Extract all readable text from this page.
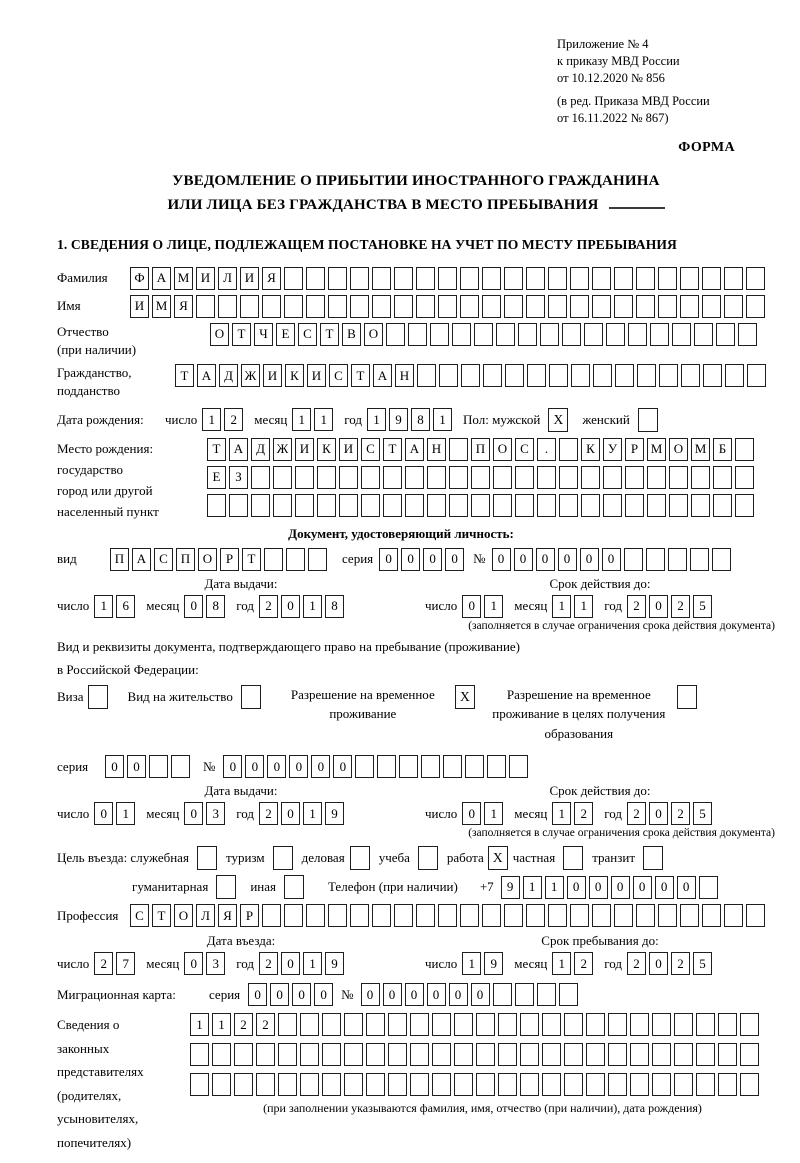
Приложение № 4
к приказу МВД России
от 10.12.2020 № 856
(в ред. Приказа МВД России
от 16.11.2022 № 867)
ФОРМА
УВЕДОМЛЕНИЕ О ПРИБЫТИИ ИНОСТРАННОГО ГРАЖДАНИНА
ИЛИ ЛИЦА БЕЗ ГРАЖДАНСТВА В МЕСТО ПРЕБЫВАНИЯ
1. СВЕДЕНИЯ О ЛИЦЕ, ПОДЛЕЖАЩЕМ ПОСТАНОВКЕ НА УЧЕТ ПО МЕСТУ ПРЕБЫВАНИЯ
Фамилия	Ф А М И Л И Я
Имя	И М Я
Отчество
(при наличии)
О	Т	Ч	Е	С	Т	В О
Гражданство,
подданство
Т	А Д Ж И К И С	Т	А Н
Дата рождения:	число 1	2	месяц 1	1	год 1	9	8	1	Пол: мужской X	женский
Место рождения:
государство
город или другой
населенный пункт
Т	А Д Ж И К И С	Т	А Н	П О С	.	К	У	Р М О М Б
Е	З
Документ, удостоверяющий личность:
вид	П А С П О	Р	Т	серия 0	0	0	0	№ 0	0	0	0	0	0
Дата выдачи:
число 1	6	месяц 0	8	год 2	0	1	8
Срок действия до:
число 0	1	месяц 1	1	год 2	0	2	5
(заполняется в случае ограничения срока действия документа)
Вид и реквизиты документа, подтверждающего право на пребывание (проживание)
в Российской Федерации:
Виза	Вид на жительство	Разрешение на временное проживание
X	Разрешение на временное проживание в целях получения образования
серия	0	0	№	0	0	0	0	0	0
Дата выдачи:
число 0	1	месяц 0	3	год 2	0	1	9
Срок действия до:
число 0	1	месяц 1	2	год 2	0	2	5
(заполняется в случае ограничения срока действия документа)
Цель въезда: служебная	туризм	деловая	учеба	работа X частная	транзит
гуманитарная	иная	Телефон (при наличии) +7	9	1	1	0	0	0	0	0	0
Профессия	С	Т	О Л	Я	Р
Дата въезда:
число 2	7	месяц 0	3	год 2	0	1	9
Срок пребывания до:
число 1	9	месяц 1	2	год 2	0	2	5
Миграционная карта:	серия	0	0	0	0	№	0	0	0	0	0	0
Сведения о
законных
представителях
(родителях,
усыновителях,
попечителях)
1	1	2	2
(при заполнении указываются фамилия, имя, отчество (при наличии), дата рождения)
